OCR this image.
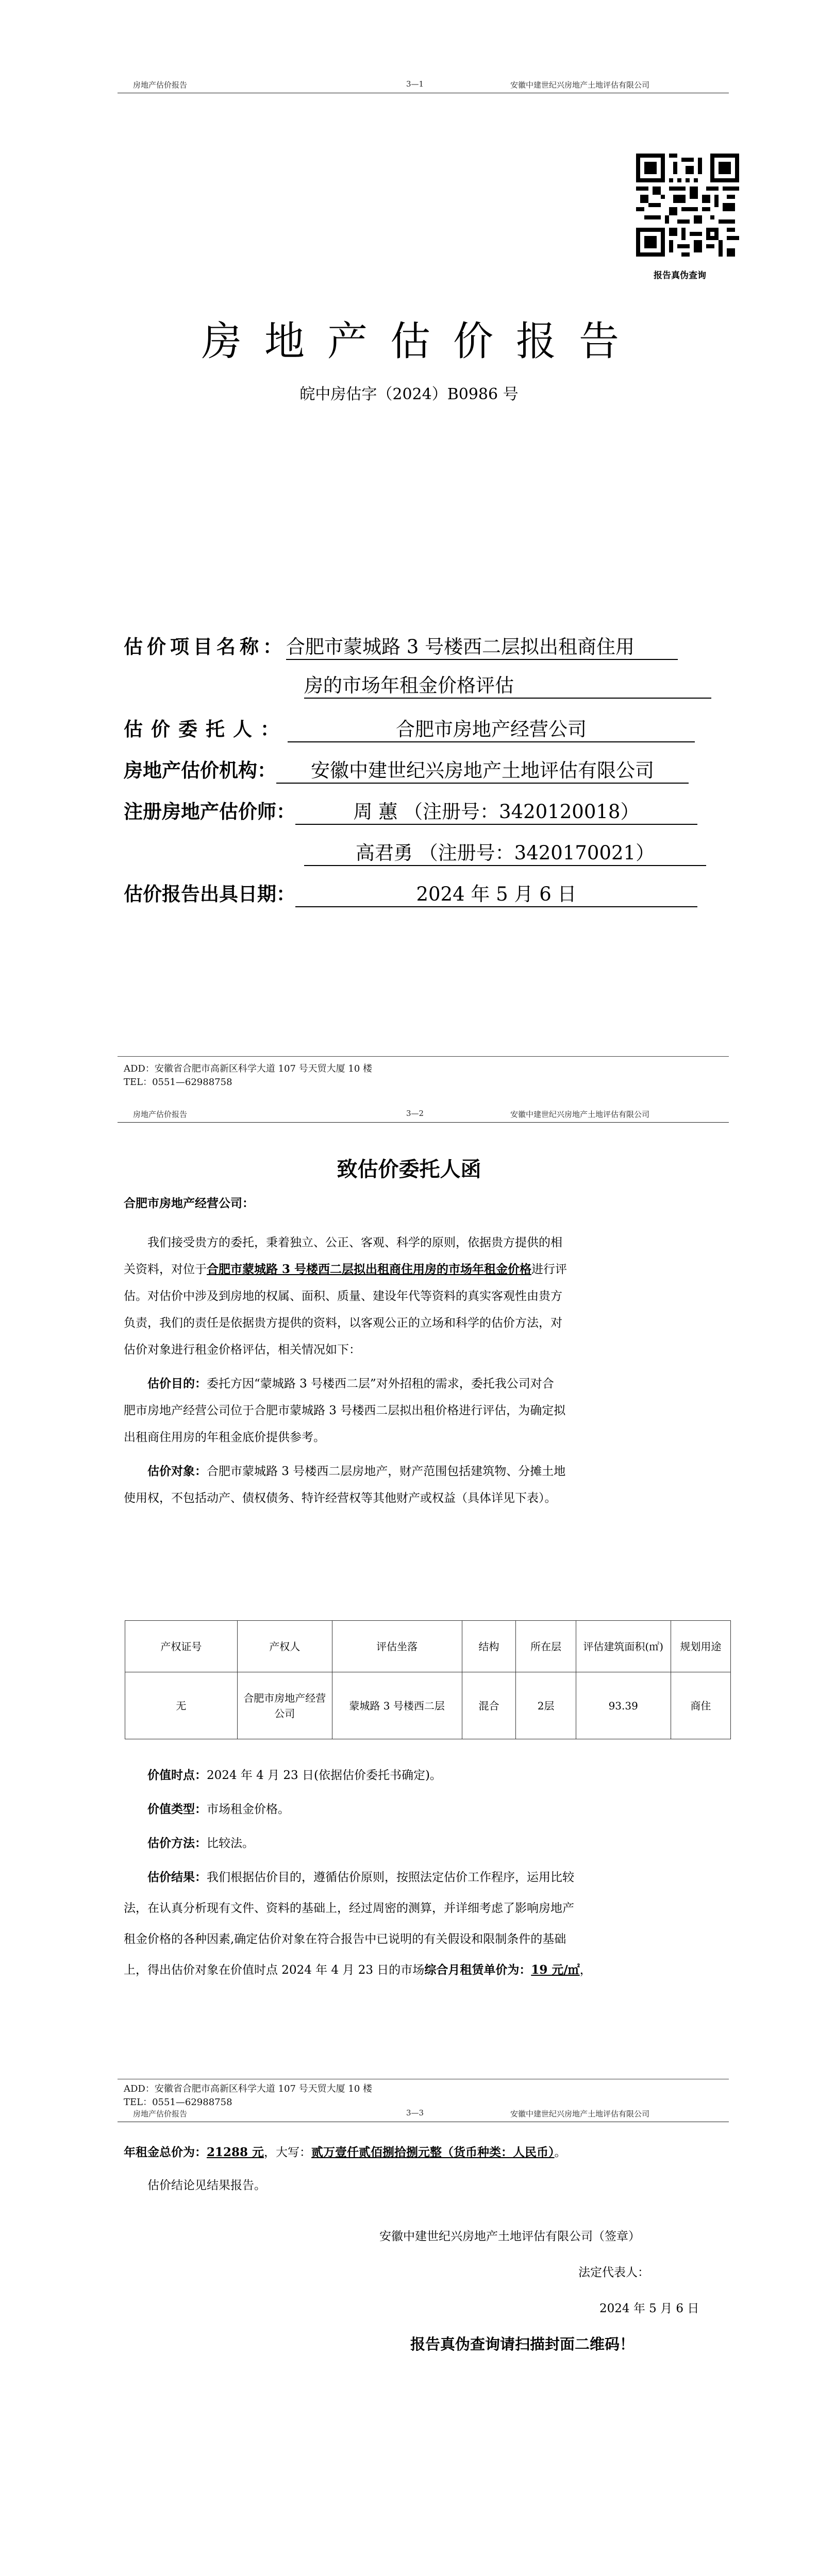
房地产估价报告	3—1	安徽中建世纪兴房地产土地评估有限公司
报告真伪查询
房地产估价报告
皖中房估字（2024）B0986 号
估价项目名称：合肥市蒙城路 3 号楼西二层拟出租商住用
房的市场年租金价格评估
估价委托人：	合肥市房地产经营公司
房地产估价机构： 安徽中建世纪兴房地产土地评估有限公司
注册房地产估价师：	周 蕙 （注册号：3420120018）
高君勇 （注册号：3420170021）
估价报告出具日期：	2024 年 5 月 6 日
ADD：安徽省合肥市高新区科学大道 107 号天贸大厦 10 楼
TEL：0551—62988758
房地产估价报告	3—2	安徽中建世纪兴房地产土地评估有限公司
致估价委托人函
合肥市房地产经营公司：
我们接受贵方的委托，秉着独立、公正、客观、科学的原则，依据贵方提供的相
关资料，对位于合肥市蒙城路 3 号楼西二层拟出租商住用房的市场年租金价格进行评
估。对估价中涉及到房地的权属、面积、质量、建设年代等资料的真实客观性由贵方
负责，我们的责任是依据贵方提供的资料，以客观公正的立场和科学的估价方法，对
估价对象进行租金价格评估，相关情况如下：
估价目的：委托方因“蒙城路 3 号楼西二层”对外招租的需求，委托我公司对合
肥市房地产经营公司位于合肥市蒙城路 3 号楼西二层拟出租价格进行评估，为确定拟
出租商住用房的年租金底价提供参考。
估价对象：合肥市蒙城路 3 号楼西二层房地产，财产范围包括建筑物、分摊土地
使用权，不包括动产、债权债务、特许经营权等其他财产或权益（具体详见下表）。
产权证号	产权人	评估坐落	结构	所在层	评估建筑面积(㎡)	规划用途
无	合肥市房地产经营公司	蒙城路 3 号楼西二层	混合	2层	93.39	商住
价值时点：2024 年 4 月 23 日(依据估价委托书确定)。
价值类型：市场租金价格。
估价方法：比较法。
估价结果：我们根据估价目的，遵循估价原则，按照法定估价工作程序，运用比较
法，在认真分析现有文件、资料的基础上，经过周密的测算，并详细考虑了影响房地产
租金价格的各种因素,确定估价对象在符合报告中已说明的有关假设和限制条件的基础
上，得出估价对象在价值时点 2024 年 4 月 23 日的市场综合月租赁单价为：19 元/㎡，
ADD：安徽省合肥市高新区科学大道 107 号天贸大厦 10 楼
TEL：0551—62988758
房地产估价报告	3—3	安徽中建世纪兴房地产土地评估有限公司
年租金总价为：21288 元，大写：贰万壹仟贰佰捌拾捌元整（货币种类：人民币）。
估价结论见结果报告。
安徽中建世纪兴房地产土地评估有限公司（签章）
法定代表人：
2024 年 5 月 6 日
报告真伪查询请扫描封面二维码！
